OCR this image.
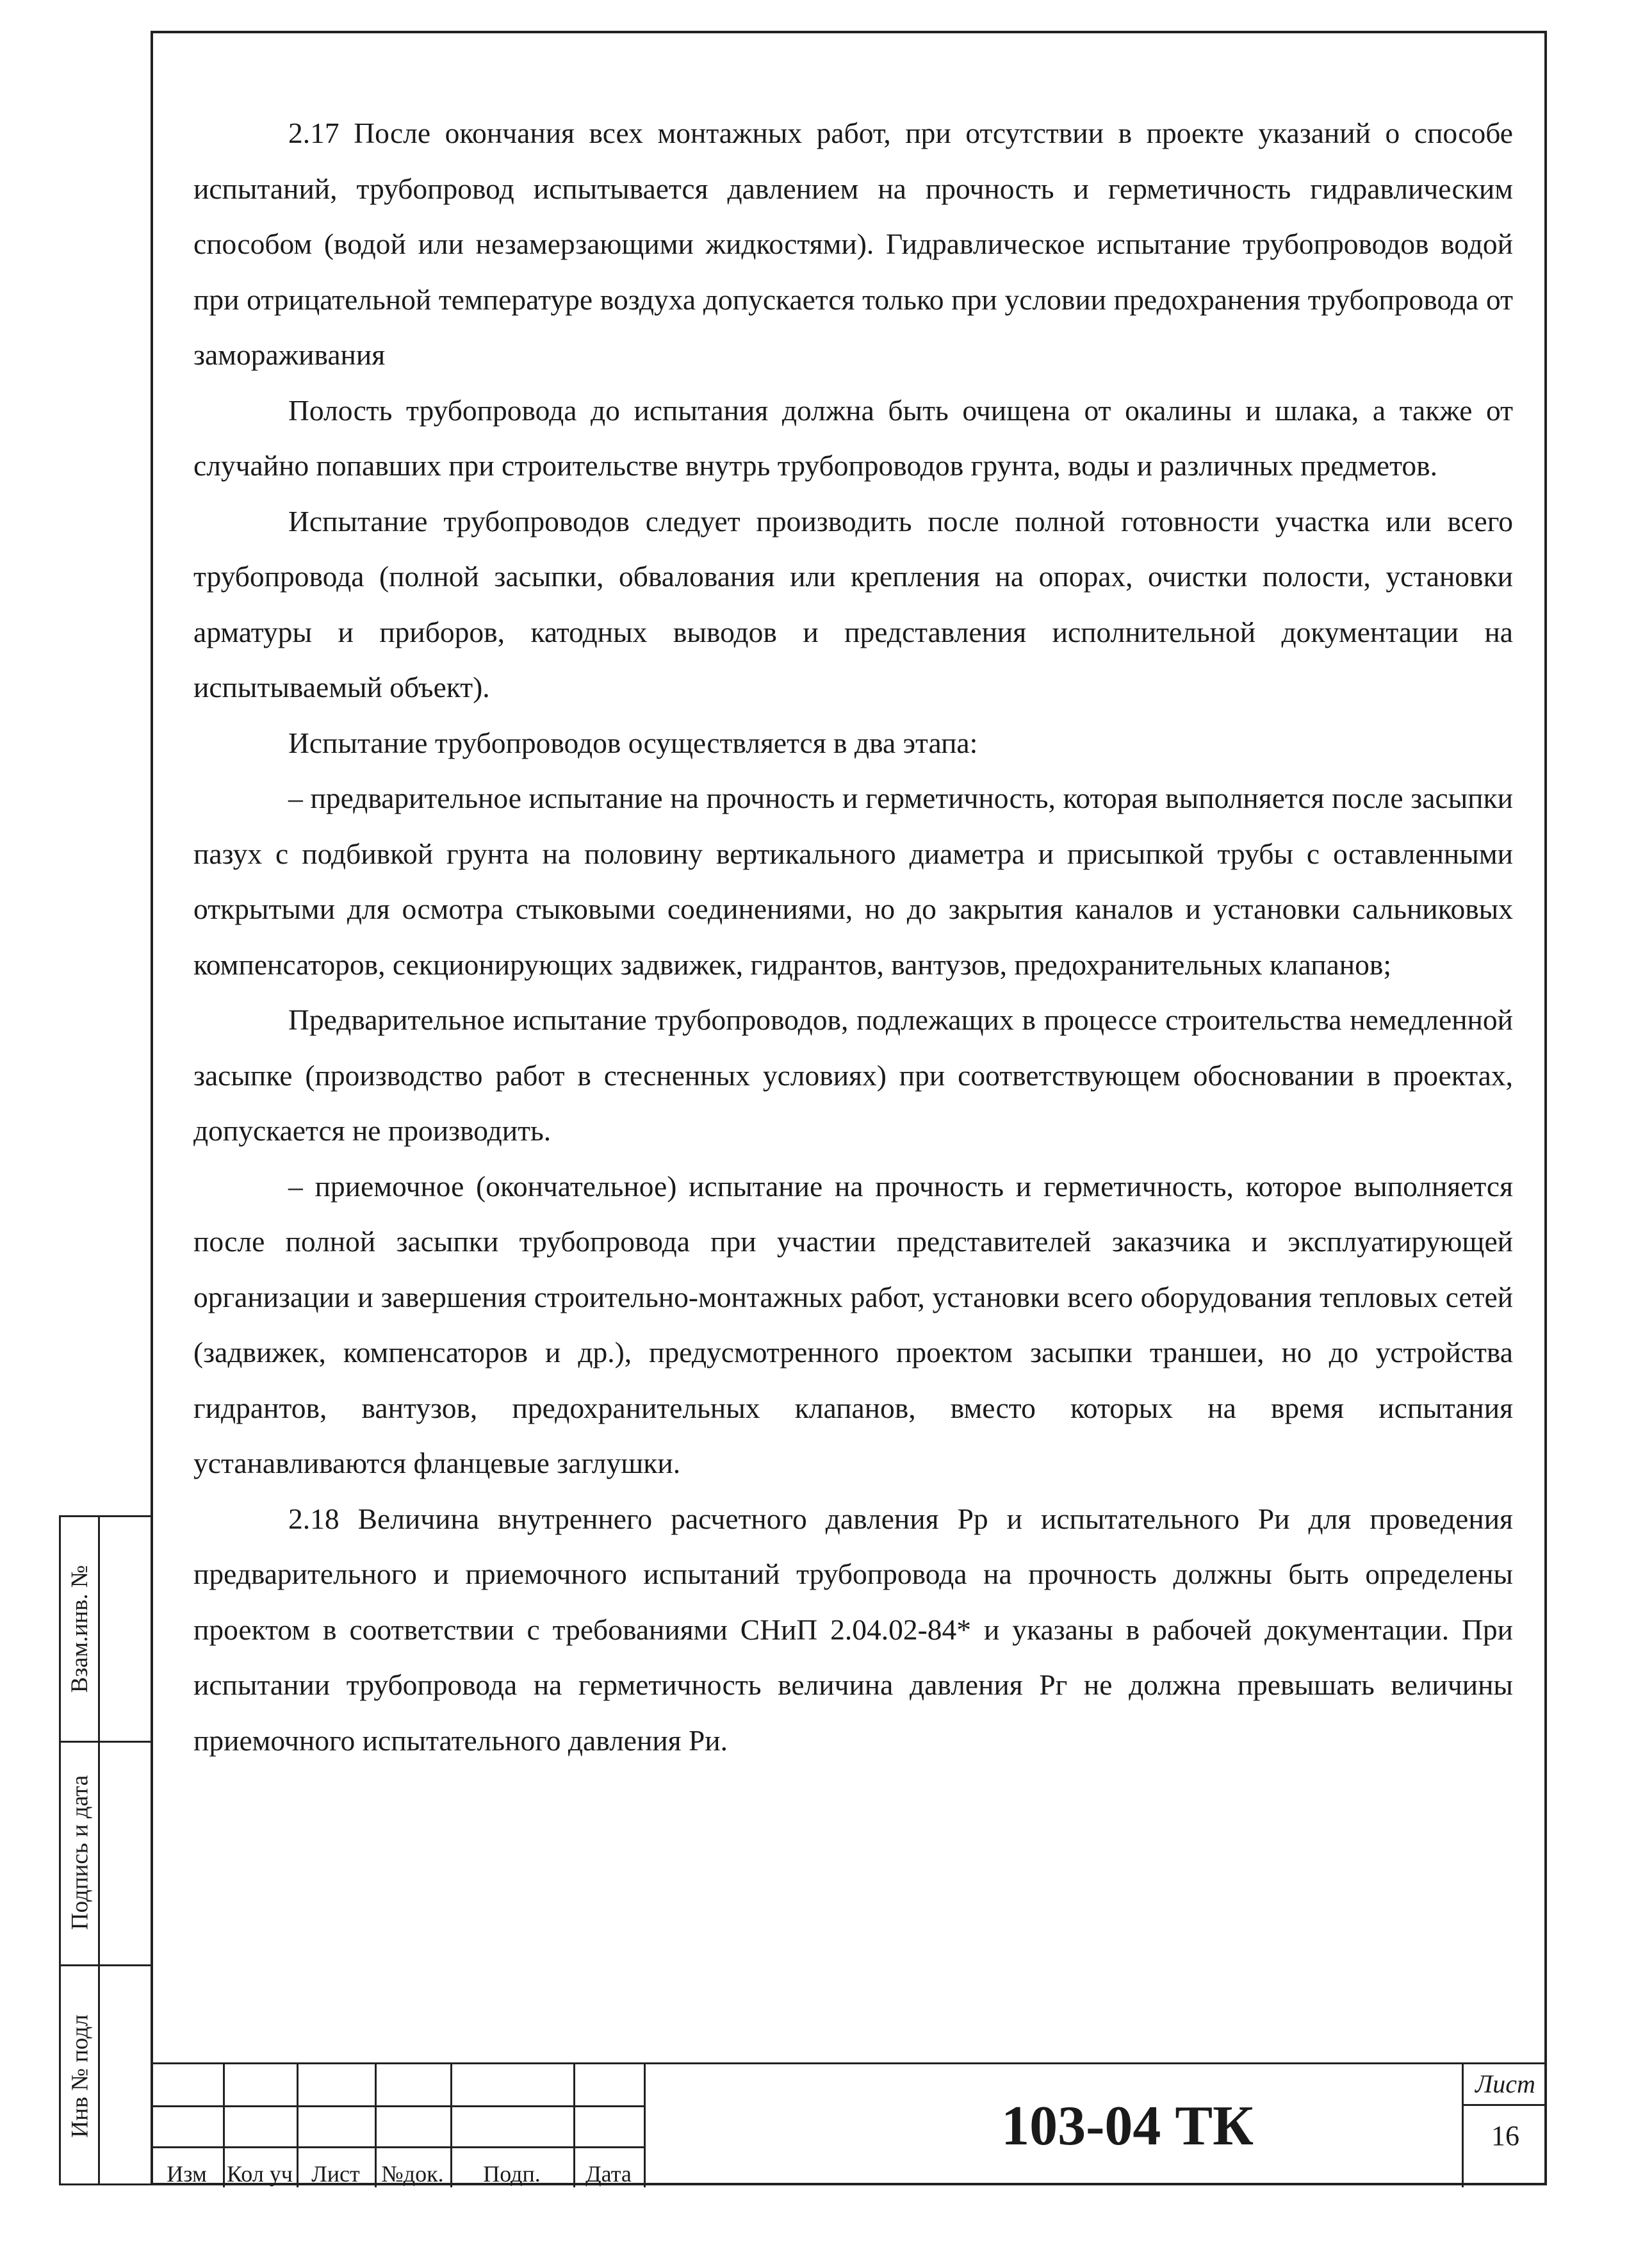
2.17 После окончания всех монтажных работ, при отсутствии в проекте указаний о способе испытаний, трубопровод испытывается давлением на прочность и герметичность гидравлическим способом (водой или незамерзающими жидкостями). Гидравлическое испытание трубопроводов водой при отрицательной температуре воздуха допускается только при условии предохранения трубопровода от замораживания

Полость трубопровода до испытания должна быть очищена от окалины и шлака, а также от случайно попавших при строительстве внутрь трубопроводов грунта, воды и различных предметов.

Испытание трубопроводов следует производить после полной готовности участка или всего трубопровода (полной засыпки, обвалования или крепления на опорах, очистки полости, установки арматуры и приборов, катодных выводов и представления исполнительной документации на испытываемый объект).

Испытание трубопроводов осуществляется в два этапа:

– предварительное испытание на прочность и герметичность, которая выполняется после засыпки пазух с подбивкой грунта на половину вертикального диаметра и присыпкой трубы с оставленными открытыми для осмотра стыковыми соединениями, но до закрытия каналов и установки сальниковых компенсаторов, секционирующих задвижек, гидрантов, вантузов, предохранительных клапанов;

Предварительное испытание трубопроводов, подлежащих в процессе строительства немедленной засыпке (производство работ в стесненных условиях) при соответствующем обосновании в проектах, допускается не производить.

– приемочное (окончательное) испытание на прочность и герметичность, которое выполняется после полной засыпки трубопровода при участии представителей заказчика и эксплуатирующей организации и завершения строительно-монтажных работ, установки всего оборудования тепловых сетей (задвижек, компенсаторов и др.), предусмотренного проектом засыпки траншеи, но до устройства гидрантов, вантузов, предохранительных клапанов, вместо которых на время испытания устанавливаются фланцевые заглушки.

2.18 Величина внутреннего расчетного давления Рр и испытательного Ри для проведения предварительного и приемочного испытаний трубопровода на прочность должны быть определены проектом в соответствии с требованиями СНиП 2.04.02-84* и указаны в рабочей документации. При испытании трубопровода на герметичность величина давления Рг не должна превышать величины приемочного испытательного давления Ри.

Взам.инв. №
Подпись и дата
Инв № подл
Изм Кол уч Лист №док.	Подп.	Дата
103-04 ТК
Лист
16
